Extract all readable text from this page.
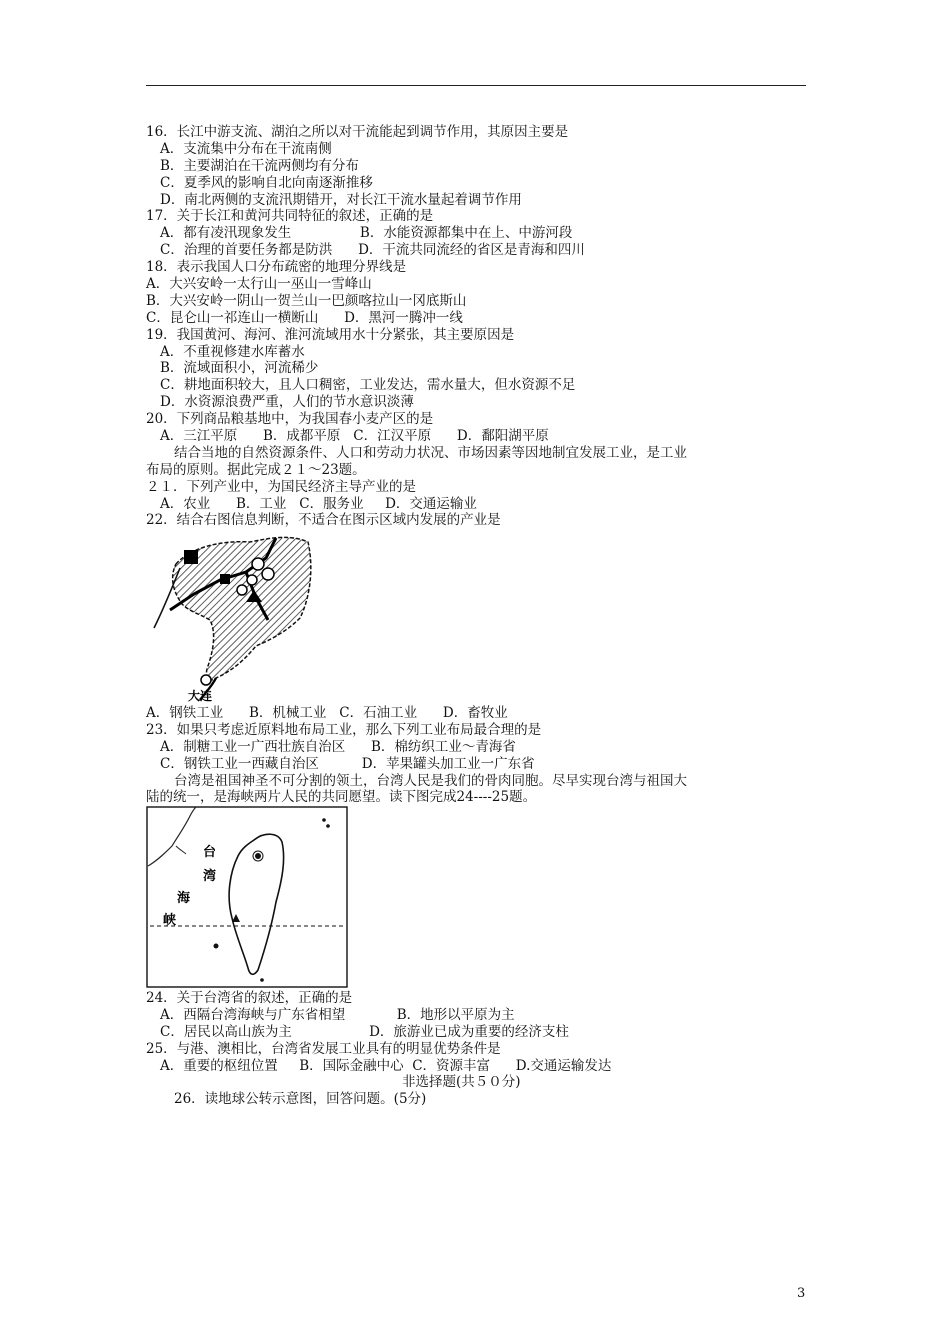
16．长江中游支流、湖泊之所以对干流能起到调节作用，其原因主要是
A．支流集中分布在干流南侧
B．主要湖泊在干流两侧均有分布
C．夏季风的影响自北向南逐渐推移
D．南北两侧的支流汛期错开，对长江干流水量起着调节作用
17．关于长江和黄河共同特征的叙述，正确的是
A．都有凌汛现象发生                B．水能资源都集中在上、中游河段
C．治理的首要任务都是防洪      D．干流共同流经的省区是青海和四川
18．表示我国人口分布疏密的地理分界线是
A．大兴安岭一太行山一巫山一雪峰山
B．大兴安岭一阴山一贺兰山一巴颜喀拉山一冈底斯山
C．昆仑山一祁连山一横断山      D．黑河一腾冲一线
19．我国黄河、海河、淮河流域用水十分紧张，其主要原因是
A．不重视修建水库蓄水
B．流域面积小，河流稀少
C．耕地面积较大，且人口稠密，工业发达，需水量大，但水资源不足
D．水资源浪费严重，人们的节水意识淡薄
20．下列商品粮基地中，为我国春小麦产区的是
A．三江平原      B．成都平原   C．江汉平原      D．鄱阳湖平原
结合当地的自然资源条件、人口和劳动力状况、市场因素等因地制宜发展工业，是工业
布局的原则。据此完成２１～23题。
２１．下列产业中，为国民经济主导产业的是
A．农业      B．工业   C．服务业     D．交通运输业
22．结合右图信息判断，不适合在图示区域内发展的产业是
大连
A．钢铁工业      B．机械工业   C．石油工业      D．畜牧业
23．如果只考虑近原料地布局工业，那么下列工业布局最合理的是
A．制糖工业一广西壮族自治区      B．棉纺织工业～青海省
C．钢铁工业一西藏自治区          D．苹果罐头加工业一广东省
台湾是祖国神圣不可分割的领土，台湾人民是我们的骨肉同胞。尽早实现台湾与祖国大
陆的统一，是海峡两片人民的共同愿望。读下图完成24----25题。
台
湾
海
峡
24．关于台湾省的叙述，正确的是
A．西隔台湾海峡与广东省相望            B．地形以平原为主
C．居民以高山族为主                  D．旅游业已成为重要的经济支柱
25．与港、澳相比，台湾省发展工业具有的明显优势条件是
A．重要的枢纽位置     B．国际金融中心  C．资源丰富      D.交通运输发达
非选择题(共５０分)
26．读地球公转示意图，回答问题。(5分)
3
